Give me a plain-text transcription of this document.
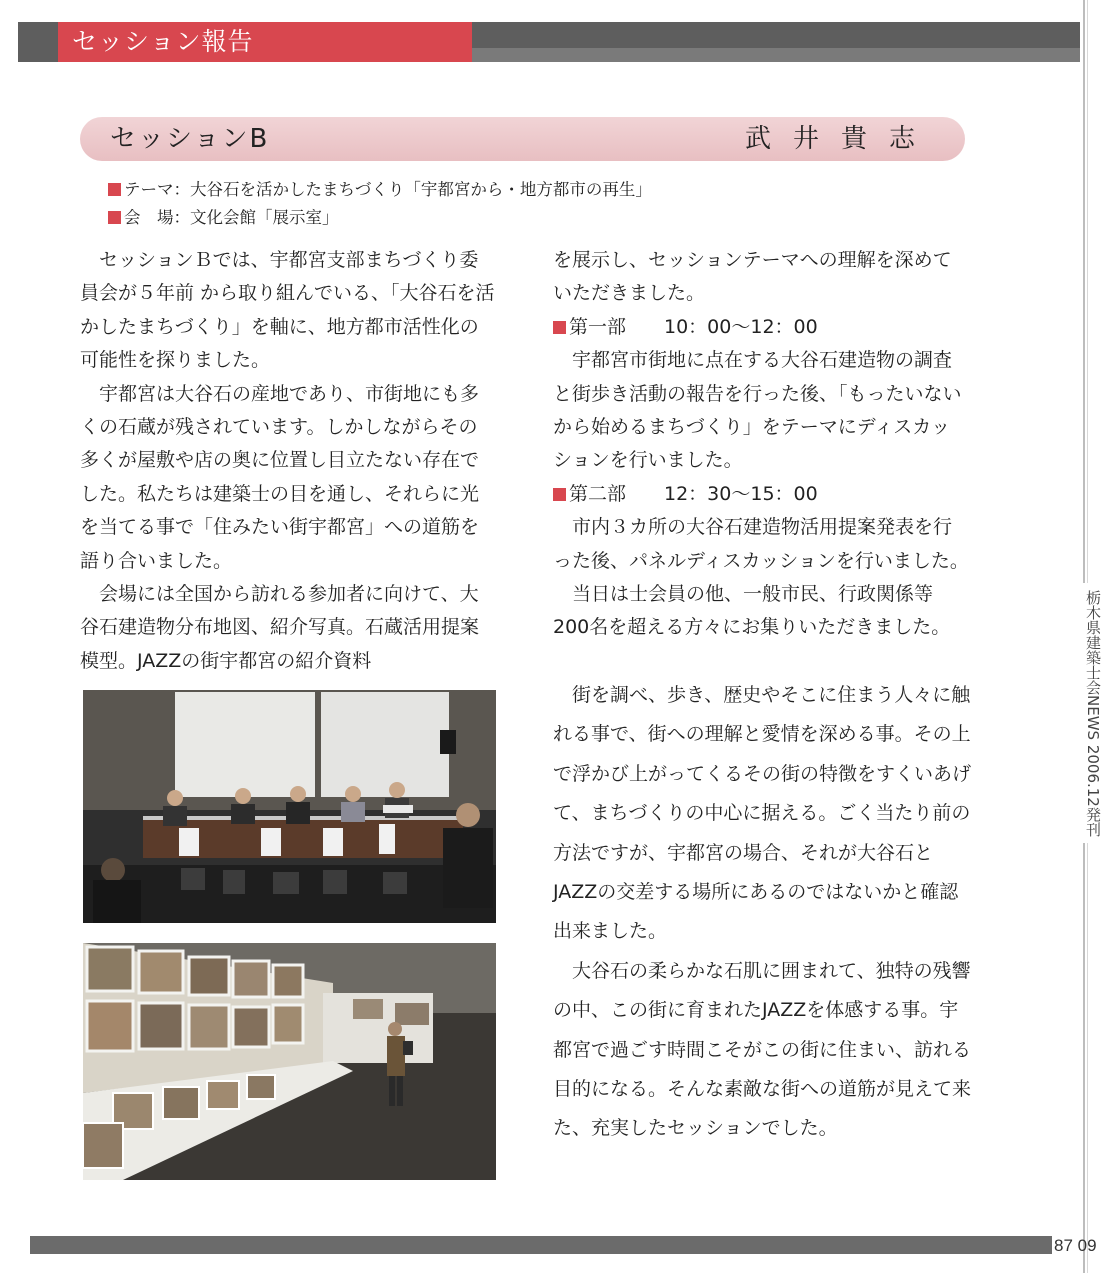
セッション報告
セッションB	武井貴志
テーマ：大谷石を活かしたまちづくり「宇都宮から・地方都市の再生」
会　場：文化会館「展示室」

　セッションＢでは、宇都宮支部まちづくり委員会が５年前 から取り組んでいる、「大谷石を活かしたまちづくり」を軸に、地方都市活性化の可能性を探りました。

　宇都宮は大谷石の産地であり、市街地にも多くの石蔵が残されています。しかしながらその多くが屋敷や店の奥に位置し目立たない存在でした。私たちは建築士の目を通し、それらに光を当てる事で「住みたい街宇都宮」への道筋を語り合いました。

　会場には全国から訪れる参加者に向けて、大谷石建造物分布地図、紹介写真。石蔵活用提案模型。JAZZの街宇都宮の紹介資料

を展示し、セッションテーマへの理解を深めていただきました。

第一部　　10：00～12：00

　宇都宮市街地に点在する大谷石建造物の調査と街歩き活動の報告を行った後、「もったいないから始めるまちづくり」をテーマにディスカッションを行いました。

第二部　　12：30～15：00

　市内３カ所の大谷石建造物活用提案発表を行った後、パネルディスカッションを行いました。

　当日は士会員の他、一般市民、行政関係等200名を超える方々にお集りいただきました。

　街を調べ、歩き、歴史やそこに住まう人々に触れる事で、街への理解と愛情を深める事。その上で浮かび上がってくるその街の特徴をすくいあげて、まちづくりの中心に据える。ごく当たり前の方法ですが、宇都宮の場合、それが大谷石とJAZZの交差する場所にあるのではないかと確認出来ました。

　大谷石の柔らかな石肌に囲まれて、独特の残響の中、この街に育まれたJAZZを体感する事。宇都宮で過ごす時間こそがこの街に住まい、訪れる目的になる。そんな素敵な街への道筋が見えて来た、充実したセッションでした。

栃木県建築士会NEWS 2006.12発刊
87 09
